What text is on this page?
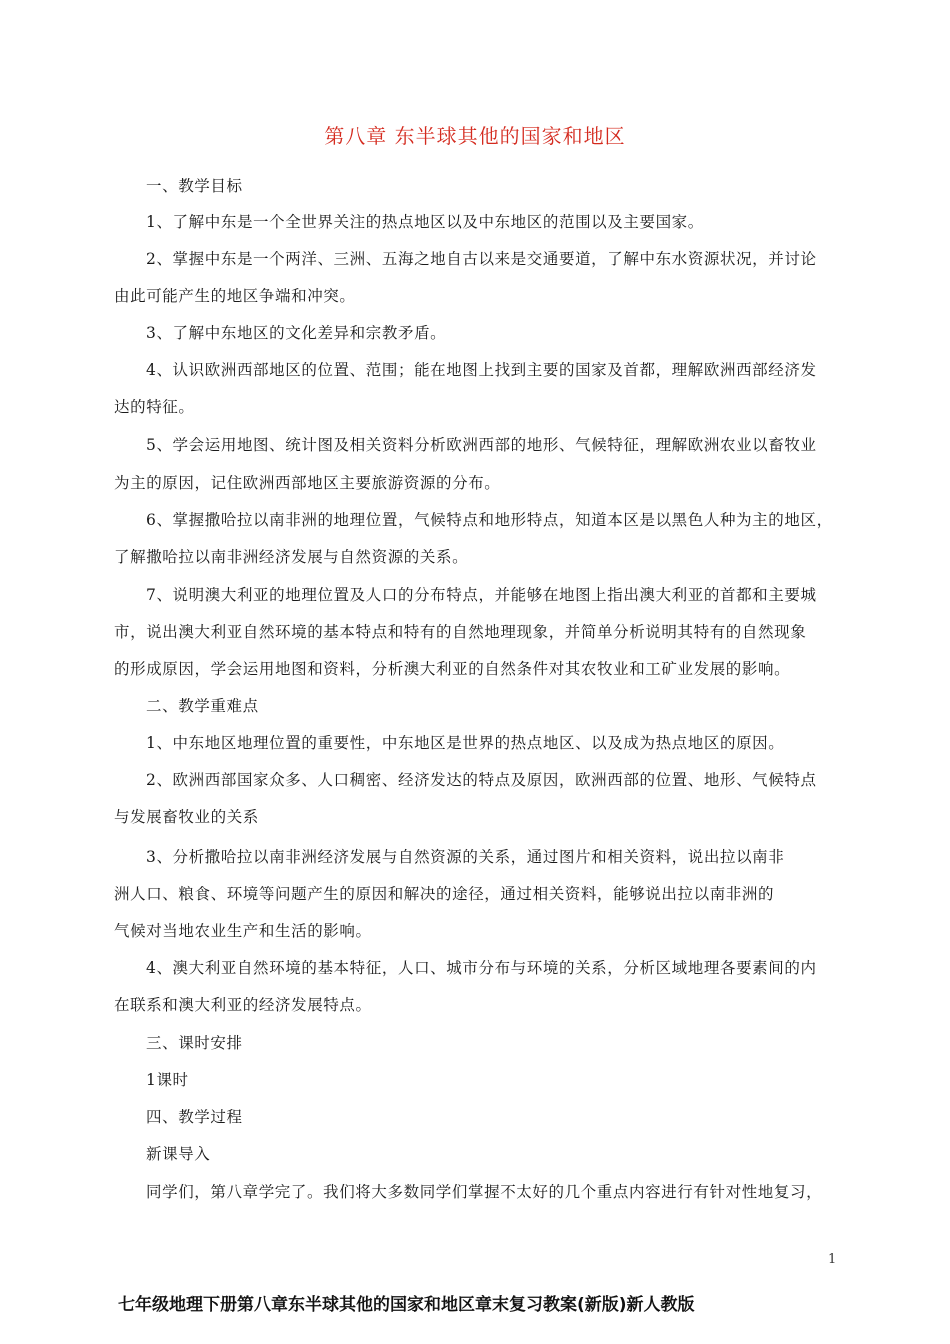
第八章 东半球其他的国家和地区
一、教学目标
1、了解中东是一个全世界关注的热点地区以及中东地区的范围以及主要国家。
2、掌握中东是一个两洋、三洲、五海之地自古以来是交通要道，了解中东水资源状况，并讨论
由此可能产生的地区争端和冲突。
3、了解中东地区的文化差异和宗教矛盾。
4、认识欧洲西部地区的位置、范围；能在地图上找到主要的国家及首都，理解欧洲西部经济发
达的特征。
5、学会运用地图、统计图及相关资料分析欧洲西部的地形、气候特征，理解欧洲农业以畜牧业
为主的原因，记住欧洲西部地区主要旅游资源的分布。
6、掌握撒哈拉以南非洲的地理位置，气候特点和地形特点，知道本区是以黑色人种为主的地区，
了解撒哈拉以南非洲经济发展与自然资源的关系。
7、说明澳大利亚的地理位置及人口的分布特点，并能够在地图上指出澳大利亚的首都和主要城
市，说出澳大利亚自然环境的基本特点和特有的自然地理现象，并简单分析说明其特有的自然现象
的形成原因，学会运用地图和资料，分析澳大利亚的自然条件对其农牧业和工矿业发展的影响。
二、教学重难点
1、中东地区地理位置的重要性，中东地区是世界的热点地区、以及成为热点地区的原因。
2、欧洲西部国家众多、人口稠密、经济发达的特点及原因，欧洲西部的位置、地形、气候特点
与发展畜牧业的关系
3、分析撒哈拉以南非洲经济发展与自然资源的关系，通过图片和相关资料，说出拉以南非
洲人口、粮食、环境等问题产生的原因和解决的途径，通过相关资料，能够说出拉以南非洲的
气候对当地农业生产和生活的影响。
4、澳大利亚自然环境的基本特征，人口、城市分布与环境的关系，分析区域地理各要素间的内
在联系和澳大利亚的经济发展特点。
三、课时安排
1课时
四、教学过程
新课导入
同学们，第八章学完了。我们将大多数同学们掌握不太好的几个重点内容进行有针对性地复习，
1
七年级地理下册第八章东半球其他的国家和地区章末复习教案(新版)新人教版
